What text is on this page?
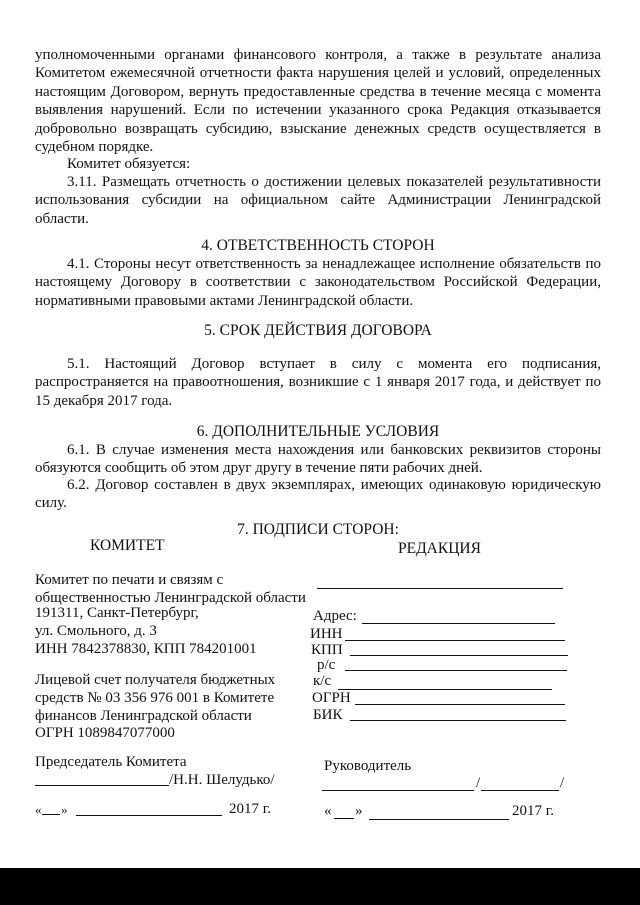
уполномоченными органами финансового контроля, а также в результате анализа Комитетом ежемесячной отчетности факта нарушения целей и условий, определенных настоящим Договором, вернуть предоставленные средства в течение месяца с момента выявления нарушений. Если по истечении указанного срока Редакция отказывается добровольно возвращать субсидию, взыскание денежных средств осуществляется в судебном порядке.
Комитет обязуется:
3.11. Размещать отчетность о достижении целевых показателей результативности использования субсидии на официальном сайте Администрации Ленинградской области.
4. ОТВЕТСТВЕННОСТЬ СТОРОН
4.1. Стороны несут ответственность за ненадлежащее исполнение обязательств по настоящему Договору в соответствии с законодательством Российской Федерации, нормативными правовыми актами Ленинградской области.
5. СРОК ДЕЙСТВИЯ ДОГОВОРА
5.1. Настоящий Договор вступает в силу с момента его подписания, распространяется на правоотношения, возникшие с 1 января 2017 года, и действует по 15 декабря 2017 года.
6. ДОПОЛНИТЕЛЬНЫЕ УСЛОВИЯ
6.1. В случае изменения места нахождения или банковских реквизитов стороны обязуются сообщить об этом друг другу в течение пяти рабочих дней.
6.2. Договор составлен в двух экземплярах, имеющих одинаковую юридическую силу.
7. ПОДПИСИ СТОРОН:
КОМИТЕТ	РЕДАКЦИЯ
Комитет по печати и связям с
общественностью Ленинградской области
191311, Санкт-Петербург,
ул. Смольного, д. 3
ИНН 7842378830, КПП 784201001
Лицевой счет получателя бюджетных
средств № 03 356 976 001 в Комитете
финансов Ленинградской области
ОГРН 1089847077000
Адрес:
ИНН
КПП
р/с
к/с
ОГРН
БИК
Председатель Комитета
/Н.Н. Шелудько/
« »	2017 г.
Руководитель
/	/
« »	2017 г.
